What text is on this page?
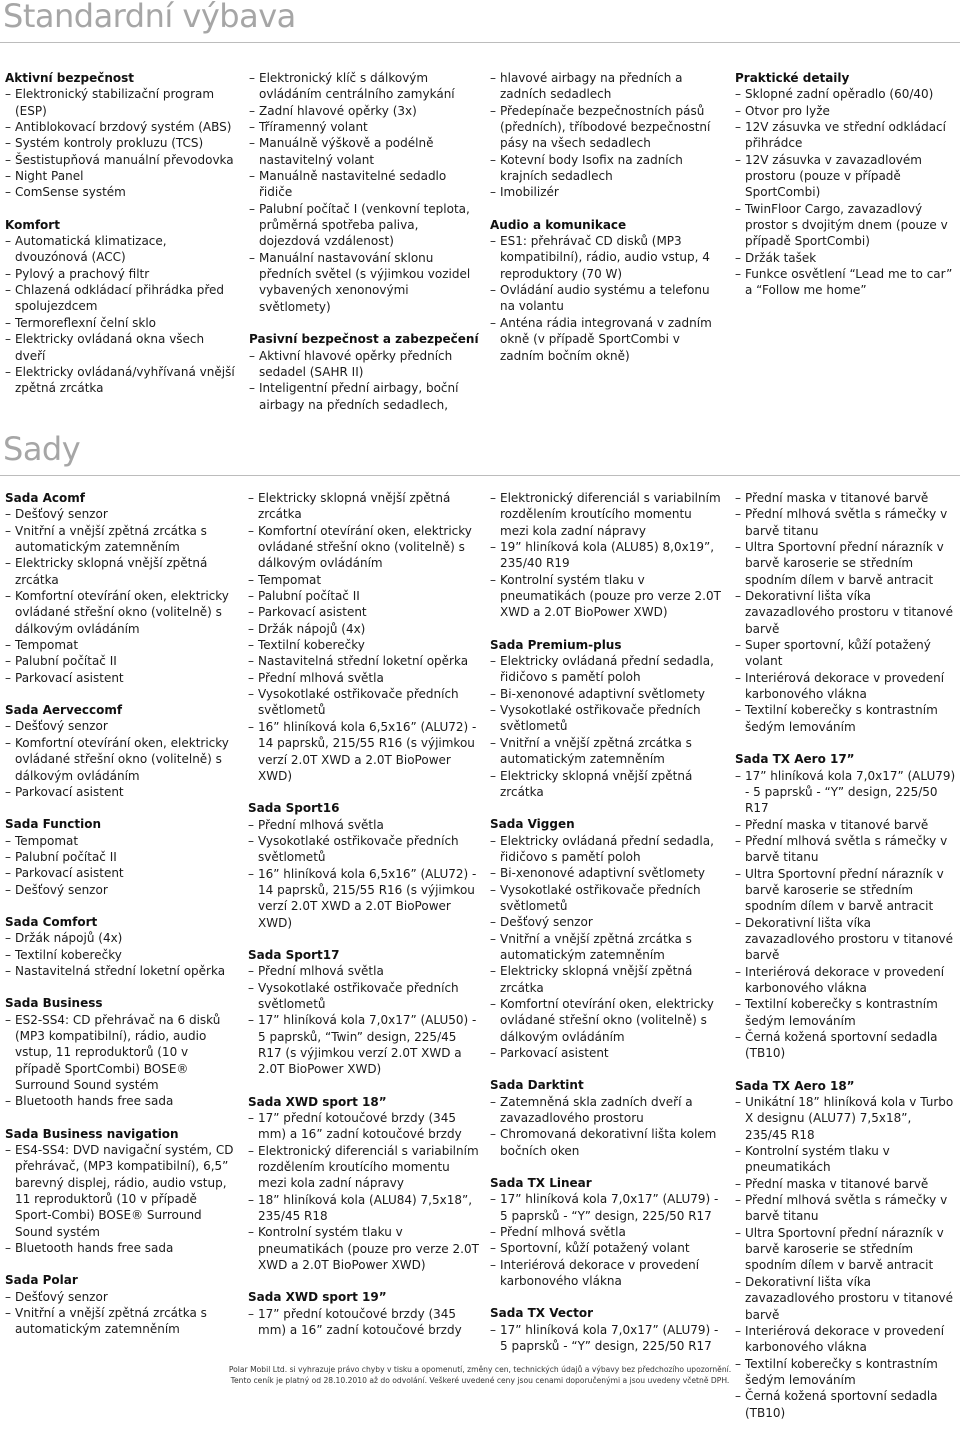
Standardní výbava
Aktivní bezpečnost
– Elektronický stabilizační program (ESP)
– Antiblokovací brzdový systém (ABS)
– Systém kontroly prokluzu (TCS)
– Šestistupňová manuální převodovka
– Night Panel
– ComSense systém
Komfort
– Automatická klimatizace, dvouzónová (ACC)
– Pylový a prachový filtr
– Chlazená odkládací přihrádka před spolujezdcem
– Termoreflexní čelní sklo
– Elektricky ovládaná okna všech dveří
– Elektricky ovládaná/vyhřívaná vnější zpětná zrcátka
– Elektronický klíč s dálkovým ovládáním centrálního zamykání
– Zadní hlavové opěrky (3x)
– Tříramenný volant
– Manuálně výškově a podélně nastavitelný volant
– Manuálně nastavitelné sedadlo řidiče
– Palubní počítač I (venkovní teplota, průměrná spotřeba paliva, dojezdová vzdálenost)
– Manuální nastavování sklonu předních světel (s výjimkou vozidel vybavených xenonovými světlomety)
Pasivní bezpečnost a zabezpečení
– Aktivní hlavové opěrky předních sedadel (SAHR II)
– Inteligentní přední airbagy, boční airbagy na předních sedadlech,
– hlavové airbagy na předních a zadních sedadlech
– Předepínače bezpečnostních pásů (předních), tříbodové bezpečnostní pásy na všech sedadlech
– Kotevní body Isofix na zadních krajních sedadlech
– Imobilizér
Audio a komunikace
– ES1: přehrávač CD disků (MP3 kompatibilní), rádio, audio vstup, 4 reproduktory (70 W)
– Ovládání audio systému a telefonu na volantu
– Anténa rádia integrovaná v zadním okně (v případě SportCombi v zadním bočním okně)
Praktické detaily
– Sklopné zadní opěradlo (60/40)
– Otvor pro lyže
– 12V zásuvka ve střední odkládací přihrádce
– 12V zásuvka v zavazadlovém prostoru (pouze v případě SportCombi)
– TwinFloor Cargo, zavazadlový prostor s dvojitým dnem (pouze v případě SportCombi)
– Držák tašek
– Funkce osvětlení “Lead me to car” a “Follow me home”
Sady
Sada Acomf
– Dešťový senzor
– Vnitřní a vnější zpětná zrcátka s automatickým zatemněním
– Elektricky sklopná vnější zpětná zrcátka
– Komfortní otevírání oken, elektricky ovládané střešní okno (volitelně) s dálkovým ovládáním
– Tempomat
– Palubní počítač II
– Parkovací asistent
Sada Aerveccomf
– Dešťový senzor
– Komfortní otevírání oken, elektricky ovládané střešní okno (volitelně) s dálkovým ovládáním
– Parkovací asistent
Sada Function
– Tempomat
– Palubní počítač II
– Parkovací asistent
– Dešťový senzor
Sada Comfort
– Držák nápojů (4x)
– Textilní koberečky
– Nastavitelná střední loketní opěrka
Sada Business
– ES2-SS4: CD přehrávač na 6 disků (MP3 kompatibilní), rádio, audio vstup, 11 reproduktorů (10 v případě SportCombi) BOSE® Surround Sound systém
– Bluetooth hands free sada
Sada Business navigation
– ES4-SS4: DVD navigační systém, CD přehrávač, (MP3 kompatibilní), 6,5” barevný displej, rádio, audio vstup, 11 reproduktorů (10 v případě Sport-Combi) BOSE® Surround Sound systém
– Bluetooth hands free sada
Sada Polar
– Dešťový senzor
– Vnitřní a vnější zpětná zrcátka s automatickým zatemněním
– Elektricky sklopná vnější zpětná zrcátka
– Komfortní otevírání oken, elektricky ovládané střešní okno (volitelně) s dálkovým ovládáním
– Tempomat
– Palubní počítač II
– Parkovací asistent
– Držák nápojů (4x)
– Textilní koberečky
– Nastavitelná střední loketní opěrka
– Přední mlhová světla
– Vysokotlaké ostřikovače předních světlometů
– 16” hliníková kola 6,5x16” (ALU72) - 14 paprsků, 215/55 R16 (s výjimkou verzí 2.0T XWD a 2.0T BioPower XWD)
Sada Sport16
– Přední mlhová světla
– Vysokotlaké ostřikovače předních světlometů
– 16” hliníková kola 6,5x16” (ALU72) - 14 paprsků, 215/55 R16 (s výjimkou verzí 2.0T XWD a 2.0T BioPower XWD)
Sada Sport17
– Přední mlhová světla
– Vysokotlaké ostřikovače předních světlometů
– 17” hliníková kola 7,0x17” (ALU50) - 5 paprsků, “Twin” design, 225/45 R17 (s výjimkou verzí 2.0T XWD a 2.0T BioPower XWD)
Sada XWD sport 18”
– 17” přední kotoučové brzdy (345 mm) a 16” zadní kotoučové brzdy
– Elektronický diferenciál s variabilním rozdělením kroutícího momentu mezi kola zadní nápravy
– 18” hliníková kola (ALU84) 7,5x18”, 235/45 R18
– Kontrolní systém tlaku v pneumatikách (pouze pro verze 2.0T XWD a 2.0T BioPower XWD)
Sada XWD sport 19”
– 17” přední kotoučové brzdy (345 mm) a 16” zadní kotoučové brzdy
– Elektronický diferenciál s variabilním rozdělením kroutícího momentu mezi kola zadní nápravy
– 19” hliníková kola (ALU85) 8,0x19”, 235/40 R19
– Kontrolní systém tlaku v pneumatikách (pouze pro verze 2.0T XWD a 2.0T BioPower XWD)
Sada Premium-plus
– Elektricky ovládaná přední sedadla, řidičovo s pamětí poloh
– Bi-xenonové adaptivní světlomety
– Vysokotlaké ostřikovače předních světlometů
– Vnitřní a vnější zpětná zrcátka s automatickým zatemněním
– Elektricky sklopná vnější zpětná zrcátka
Sada Viggen
– Elektricky ovládaná přední sedadla, řidičovo s pamětí poloh
– Bi-xenonové adaptivní světlomety
– Vysokotlaké ostřikovače předních světlometů
– Dešťový senzor
– Vnitřní a vnější zpětná zrcátka s automatickým zatemněním
– Elektricky sklopná vnější zpětná zrcátka
– Komfortní otevírání oken, elektricky ovládané střešní okno (volitelně) s dálkovým ovládáním
– Parkovací asistent
Sada Darktint
– Zatemněná skla zadních dveří a zavazadlového prostoru
– Chromovaná dekorativní lišta kolem bočních oken
Sada TX Linear
– 17” hliníková kola 7,0x17” (ALU79) - 5 paprsků - “Y” design, 225/50 R17
– Přední mlhová světla
– Sportovní, kůží potažený volant
– Interiérová dekorace v provedení karbonového vlákna
Sada TX Vector
– 17” hliníková kola 7,0x17” (ALU79) - 5 paprsků - “Y” design, 225/50 R17
– Přední maska v titanové barvě
– Přední mlhová světla s rámečky v barvě titanu
– Ultra Sportovní přední nárazník v barvě karoserie se středním spodním dílem v barvě antracit
– Dekorativní lišta víka zavazadlového prostoru v titanové barvě
– Super sportovní, kůží potažený volant
– Interiérová dekorace v provedení karbonového vlákna
– Textilní koberečky s kontrastním šedým lemováním
Sada TX Aero 17”
– 17” hliníková kola 7,0x17” (ALU79) - 5 paprsků - “Y” design, 225/50 R17
– Přední maska v titanové barvě
– Přední mlhová světla s rámečky v barvě titanu
– Ultra Sportovní přední nárazník v barvě karoserie se středním spodním dílem v barvě antracit
– Dekorativní lišta víka zavazadlového prostoru v titanové barvě
– Interiérová dekorace v provedení karbonového vlákna
– Textilní koberečky s kontrastním šedým lemováním
– Černá kožená sportovní sedadla (TB10)
Sada TX Aero 18”
– Unikátní 18” hliníková kola v Turbo X designu (ALU77) 7,5x18”, 235/45 R18
– Kontrolní systém tlaku v pneumatikách
– Přední maska v titanové barvě
– Přední mlhová světla s rámečky v barvě titanu
– Ultra Sportovní přední nárazník v barvě karoserie se středním spodním dílem v barvě antracit
– Dekorativní lišta víka zavazadlového prostoru v titanové barvě
– Interiérová dekorace v provedení karbonového vlákna
– Textilní koberečky s kontrastním šedým lemováním
– Černá kožená sportovní sedadla (TB10)
Polar Mobil Ltd. si vyhrazuje právo chyby v tisku a opomenutí, změny cen, technických údajů a výbavy bez předchozího upozornění.
Tento ceník je platný od 28.10.2010 až do odvolání. Veškeré uvedené ceny jsou cenami doporučenými a jsou uvedeny včetně DPH.
